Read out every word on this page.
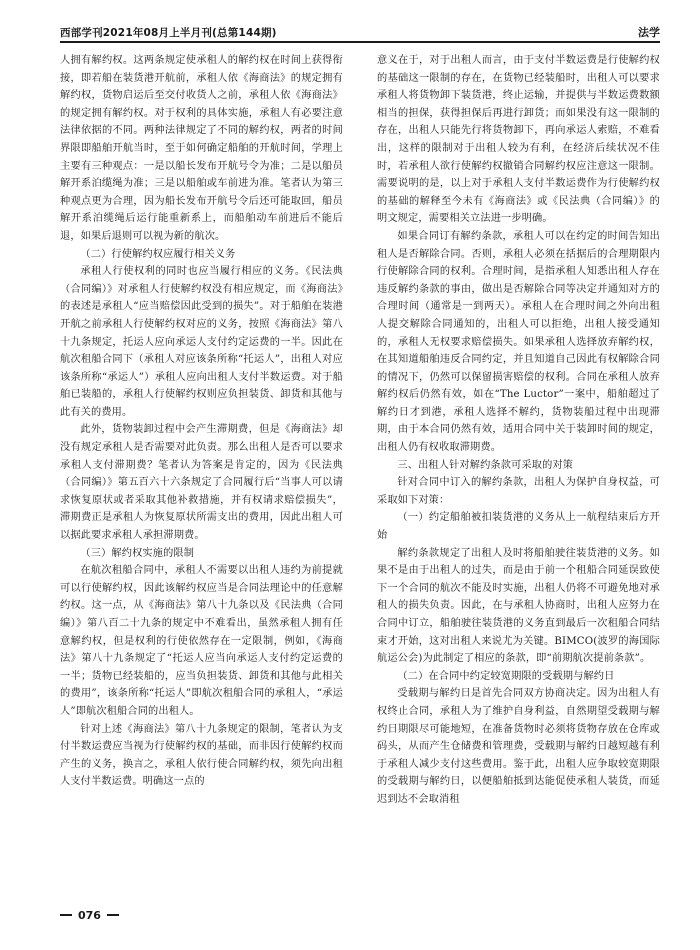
西部学刊2021年08月上半月刊(总第144期)	法学

人拥有解约权。这两条规定使承租人的解约权在时间上获得衔接，即若船在装货港开航前，承租人依《海商法》的规定拥有解约权，货物启运后至交付收货人之前，承租人依《海商法》的规定拥有解约权。对于权利的具体实施，承租人有必要注意法律依据的不同。两种法律规定了不同的解约权，两者的时间界限即船舶开航当时，至于如何确定船舶的开航时间，学理上主要有三种观点：一是以船长发布开航号令为准；二是以船员解开系泊缆绳为准；三是以船舶或车前进为准。笔者认为第三种观点更为合理，因为船长发布开航号令后还可能取回，船员解开系泊缆绳后运行能重新系上，而船舶动车前进后不能后退，如果后退则可以视为新的航次。

（二）行使解约权应履行相关义务

承租人行使权利的同时也应当履行相应的义务。《民法典（合同编）》对承租人行使解约权没有相应规定，而《海商法》的表述是承租人“应当赔偿因此受到的损失”。对于船舶在装港开航之前承租人行使解约权对应的义务，按照《海商法》第八十九条规定，托运人应向承运人支付约定运费的一半。因此在航次租船合同下（承租人对应该条所称“托运人”，出租人对应该条所称“承运人”）承租人应向出租人支付半数运费。对于船舶已装船的，承租人行使解约权则应负担装货、卸货和其他与此有关的费用。

此外，货物装卸过程中会产生滞期费，但是《海商法》却没有规定承租人是否需要对此负责。那么出租人是否可以要求承租人支付滞期费？笔者认为答案是肯定的，因为《民法典（合同编）》第五百六十六条规定了合同履行后“当事人可以请求恢复原状或者采取其他补救措施，并有权请求赔偿损失”，滞期费正是承租人为恢复原状所需支出的费用，因此出租人可以据此要求承租人承担滞期费。

（三）解约权实施的限制

在航次租船合同中，承租人不需要以出租人违约为前提就可以行使解约权，因此该解约权应当是合同法理论中的任意解约权。这一点，从《海商法》第八十九条以及《民法典（合同编）》第八百二十九条的规定中不难看出，虽然承租人拥有任意解约权，但是权利的行使依然存在一定限制，例如，《海商法》第八十九条规定了“托运人应当向承运人支付约定运费的一半；货物已经装船的，应当负担装货、卸货和其他与此相关的费用”，该条所称“托运人”即航次租船合同的承租人，“承运人”即航次租船合同的出租人。

针对上述《海商法》第八十九条规定的限制，笔者认为支付半数运费应当视为行使解约权的基础，而非因行使解约权而产生的义务，换言之，承租人依行使合同解约权，须先向出租人支付半数运费。明确这一点的

意义在于，对于出租人而言，由于支付半数运费是行使解约权的基础这一限制的存在，在货物已经装船时，出租人可以要求承租人将货物卸下装货港，终止运输，并提供与半数运费数额相当的担保，获得担保后再进行卸货；而如果没有这一限制的存在，出租人只能先行将货物卸下，再向承运人索赔，不难看出，这样的限制对于出租人较为有利，在经济后续状况不佳时，若承租人欲行使解约权撤销合同解约权应注意这一限制。需要说明的是，以上对于承租人支付半数运费作为行使解约权的基础的解释至今未有《海商法》或《民法典（合同编）》的明文规定，需要相关立法进一步明确。

如果合同订有解约条款，承租人可以在约定的时间告知出租人是否解除合同。否则，承租人必须在括据后的合理期限内行使解除合同的权利。合理时间，是指承租人知悉出租人存在违反解约条款的事由，做出是否解除合同等决定并通知对方的合理时间（通常是一到两天）。承租人在合理时间之外向出租人提交解除合同通知的，出租人可以拒绝，出租人接受通知的，承租人无权要求赔偿损失。如果承租人选择放弃解约权，在其知道船舶违反合同约定，并且知道自己因此有权解除合同的情况下，仍然可以保留损害赔偿的权利。合同在承租人放弃解约权后仍然有效，如在“The Luctor”一案中，船舶超过了解约日才到港，承租人选择不解约，货物装船过程中出现滞期，由于本合同仍然有效，适用合同中关于装卸时间的规定，出租人仍有权收取滞期费。

三、出租人针对解约条款可采取的对策

针对合同中订入的解约条款，出租人为保护自身权益，可采取如下对策：

（一）约定船舶被扣装货港的义务从上一航程结束后方开始

解约条款规定了出租人及时将船舶驶往装货港的义务。如果不是由于出租人的过失，而是由于前一个租船合同延误致使下一个合同的航次不能及时实施，出租人仍将不可避免地对承租人的损失负责。因此，在与承租人协商时，出租人应努力在合同中订立，船舶驶往装货港的义务直到最后一次租船合同结束才开始，这对出租人来说尤为关键。BIMCO(波罗的海国际航运公会)为此制定了相应的条款，即“前期航次提前条款”。

（二）在合同中约定较宽期限的受载期与解约日

受载期与解约日是首先合同双方协商决定。因为出租人有权终止合同，承租人为了维护自身利益，自然期望受载期与解约日期限尽可能地短，在准备货物时必须将货物存放在仓库或码头，从而产生仓储费和管理费，受载期与解约日越短越有利于承租人减少支付这些费用。鉴于此，出租人应争取较宽期限的受载期与解约日，以便船舶抵到达能促使承租人装货，而延迟到达不会取消租

076
